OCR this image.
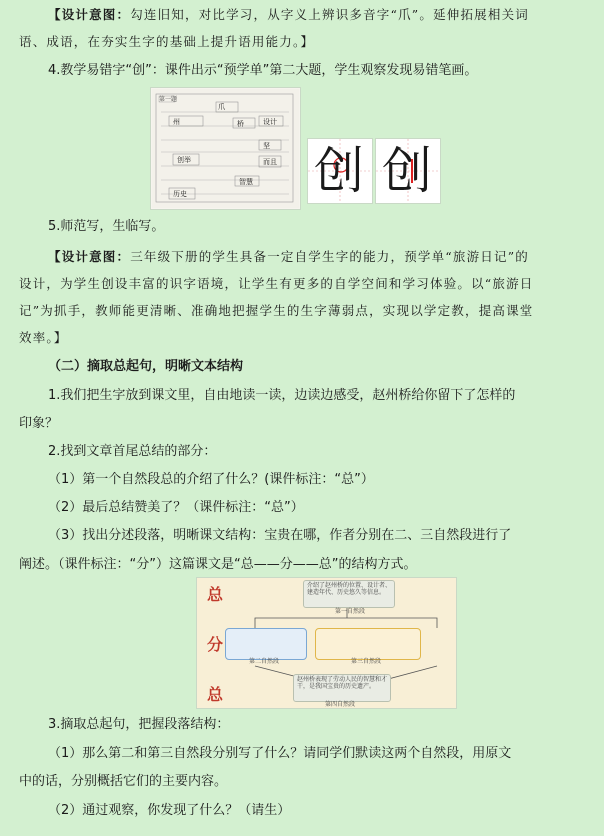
【设计意图：勾连旧知，对比学习，从字义上辨识多音字“爪”。延伸拓展相关词
语、成语，在夯实生字的基础上提升语用能力。】
4.教学易错字“创”：课件出示“预学单”第二大题，学生观察发现易错笔画。
第一题
爪
州	桥	设计
坚
创举	而且
智慧
历史	创 创
5.师范写，生临写。
【设计意图：三年级下册的学生具备一定自学生字的能力，预学单“旅游日记”的
设计，为学生创设丰富的识字语境，让学生有更多的自学空间和学习体验。以“旅游日
记”为抓手，教师能更清晰、准确地把握学生的生字薄弱点，实现以学定教，提高课堂
效率。】
（二）摘取总起句，明晰文本结构
1.我们把生字放到课文里，自由地读一读，边读边感受，赵州桥给你留下了怎样的
印象？
2.找到文章首尾总结的部分：
（1）第一个自然段总的介绍了什么？(课件标注：“总”）
（2）最后总结赞美了？（课件标注：“总”）
（3）找出分述段落，明晰课文结构：宝贵在哪，作者分别在二、三自然段进行了
阐述。（课件标注：“分”）这篇课文是“总——分——总”的结构方式。
总
分
总
介绍了赵州桥的位置、设计者、建造年代、历史悠久等信息。
第一自然段
第二自然段	第三自然段
赵州桥表现了劳动人民的智慧和才干，是我国宝贵的历史遗产。
第四自然段
3.摘取总起句，把握段落结构：
（1）那么第二和第三自然段分别写了什么？请同学们默读这两个自然段，用原文
中的话，分别概括它们的主要内容。
（2）通过观察，你发现了什么？（请生）
